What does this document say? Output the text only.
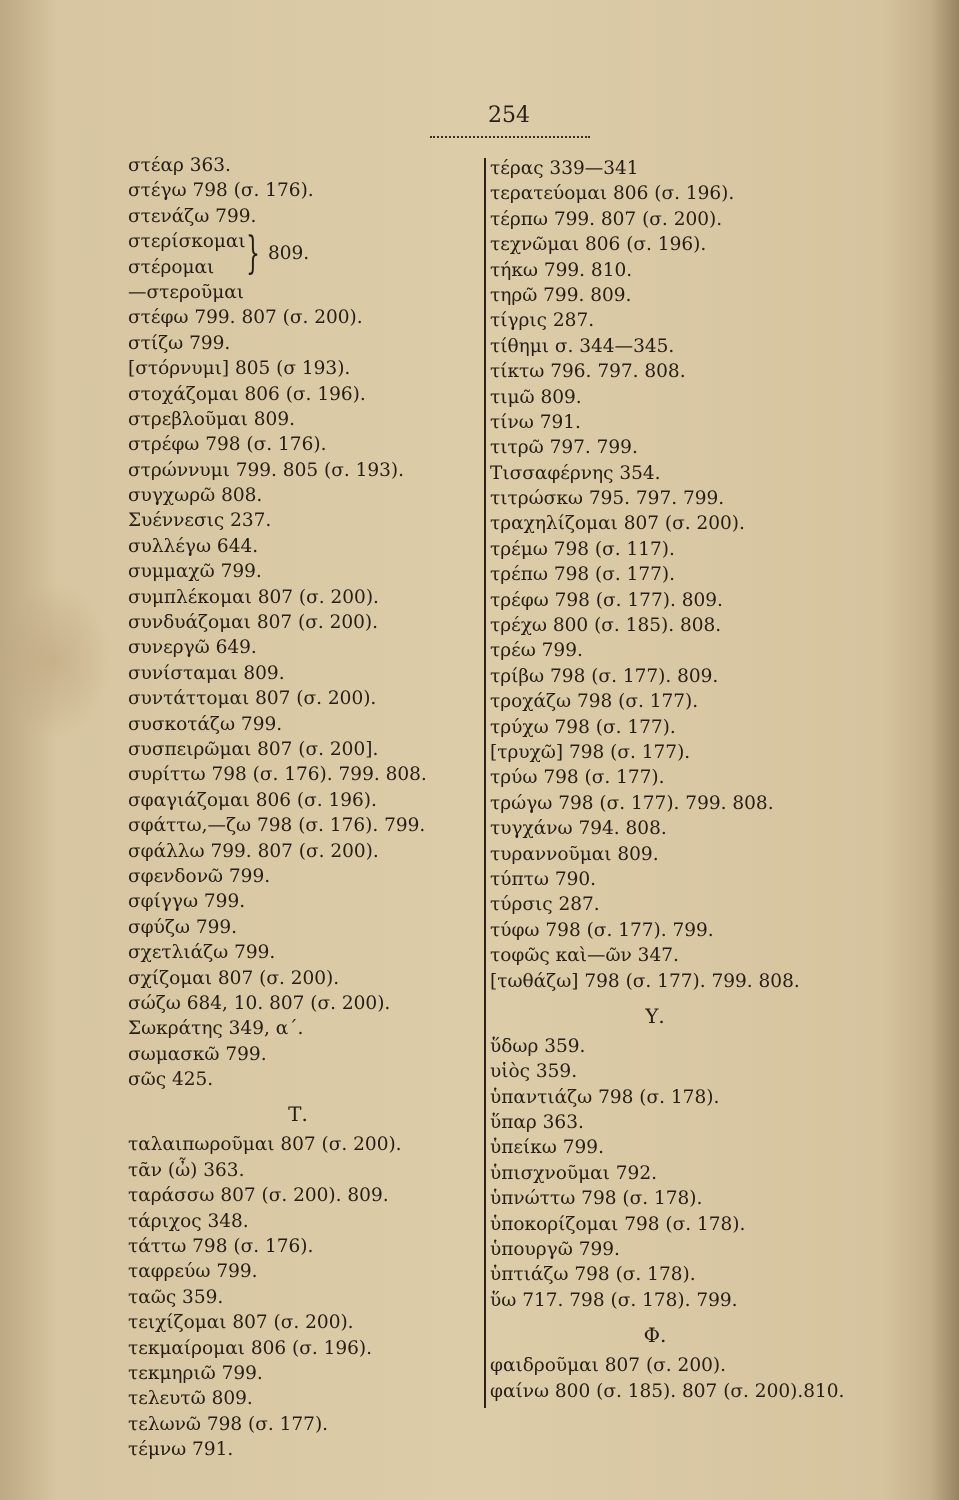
254
στέαρ 363.
στέγω 798 (σ. 176).
στενάζω 799.
στερίσκομαι
στέρομαι } 809.
—στεροῦμαι
στέφω 799. 807 (σ. 200).
στίζω 799.
[στόρνυμι] 805 (σ 193).
στοχάζομαι 806 (σ. 196).
στρεβλοῦμαι 809.
στρέφω 798 (σ. 176).
στρώννυμι 799. 805 (σ. 193).
συγχωρῶ 808.
Συέννεσις 237.
συλλέγω 644.
συμμαχῶ 799.
συμπλέκομαι 807 (σ. 200).
συνδυάζομαι 807 (σ. 200).
συνεργῶ 649.
συνίσταμαι 809.
συντάττομαι 807 (σ. 200).
συσκοτάζω 799.
συσπειρῶμαι 807 (σ. 200].
συρίττω 798 (σ. 176). 799. 808.
σφαγιάζομαι 806 (σ. 196).
σφάττω,—ζω 798 (σ. 176). 799.
σφάλλω 799. 807 (σ. 200).
σφενδονῶ 799.
σφίγγω 799.
σφύζω 799.
σχετλιάζω 799.
σχίζομαι 807 (σ. 200).
σώζω 684, 10. 807 (σ. 200).
Σωκράτης 349, α΄.
σωμασκῶ 799.
σῶς 425.
Τ.
ταλαιπωροῦμαι 807 (σ. 200).
τᾶν (ὦ) 363.
ταράσσω 807 (σ. 200). 809.
τάριχος 348.
τάττω 798 (σ. 176).
ταφρεύω 799.
ταῶς 359.
τειχίζομαι 807 (σ. 200).
τεκμαίρομαι 806 (σ. 196).
τεκμηριῶ 799.
τελευτῶ 809.
τελωνῶ 798 (σ. 177).
τέμνω 791.
τέρας 339—341
τερατεύομαι 806 (σ. 196).
τέρπω 799. 807 (σ. 200).
τεχνῶμαι 806 (σ. 196).
τήκω 799. 810.
τηρῶ 799. 809.
τίγρις 287.
τίθημι σ. 344—345.
τίκτω 796. 797. 808.
τιμῶ 809.
τίνω 791.
τιτρῶ 797. 799.
Τισσαφέρνης 354.
τιτρώσκω 795. 797. 799.
τραχηλίζομαι 807 (σ. 200).
τρέμω 798 (σ. 117).
τρέπω 798 (σ. 177).
τρέφω 798 (σ. 177). 809.
τρέχω 800 (σ. 185). 808.
τρέω 799.
τρίβω 798 (σ. 177). 809.
τροχάζω 798 (σ. 177).
τρύχω 798 (σ. 177).
[τρυχῶ] 798 (σ. 177).
τρύω 798 (σ. 177).
τρώγω 798 (σ. 177). 799. 808.
τυγχάνω 794. 808.
τυραννοῦμαι 809.
τύπτω 790.
τύρσις 287.
τύφω 798 (σ. 177). 799.
τοφῶς καὶ—ῶν 347.
[τωθάζω] 798 (σ. 177). 799. 808.
Υ.
ὕδωρ 359.
υἱὸς 359.
ὑπαντιάζω 798 (σ. 178).
ὕπαρ 363.
ὑπείκω 799.
ὑπισχνοῦμαι 792.
ὑπνώττω 798 (σ. 178).
ὑποκορίζομαι 798 (σ. 178).
ὑπουργῶ 799.
ὑπτιάζω 798 (σ. 178).
ὕω 717. 798 (σ. 178). 799.
Φ.
φαιδροῦμαι 807 (σ. 200).
φαίνω 800 (σ. 185). 807 (σ. 200).810.
